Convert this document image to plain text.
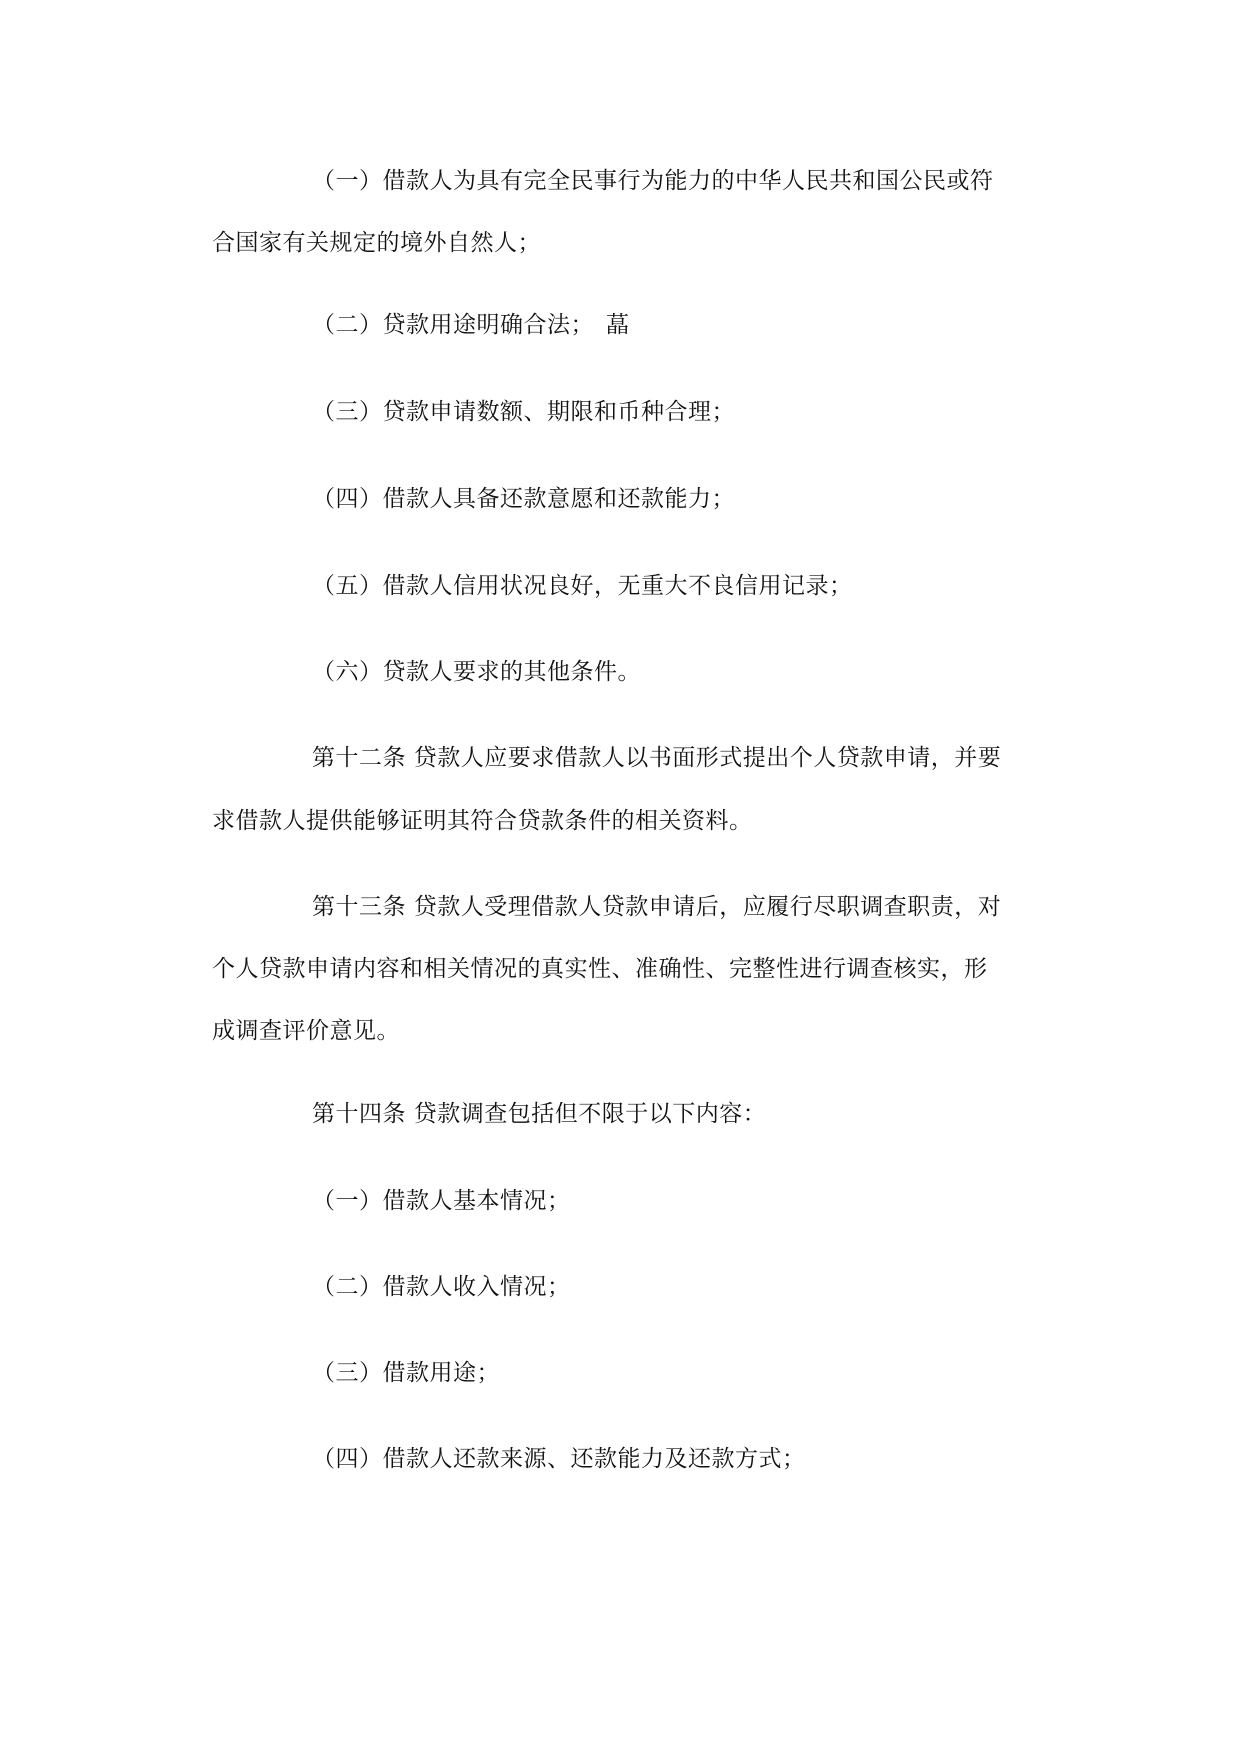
（一）借款人为具有完全民事行为能力的中华人民共和国公民或符
合国家有关规定的境外自然人；
（二）贷款用途明确合法；　蕌
（三）贷款申请数额、期限和币种合理；
（四）借款人具备还款意愿和还款能力；
（五）借款人信用状况良好，无重大不良信用记录；
（六）贷款人要求的其他条件。
第十二条 贷款人应要求借款人以书面形式提出个人贷款申请，并要
求借款人提供能够证明其符合贷款条件的相关资料。
第十三条 贷款人受理借款人贷款申请后，应履行尽职调查职责，对
个人贷款申请内容和相关情况的真实性、准确性、完整性进行调查核实，形
成调查评价意见。
第十四条 贷款调查包括但不限于以下内容：
（一）借款人基本情况；
（二）借款人收入情况；
（三）借款用途；
（四）借款人还款来源、还款能力及还款方式；
